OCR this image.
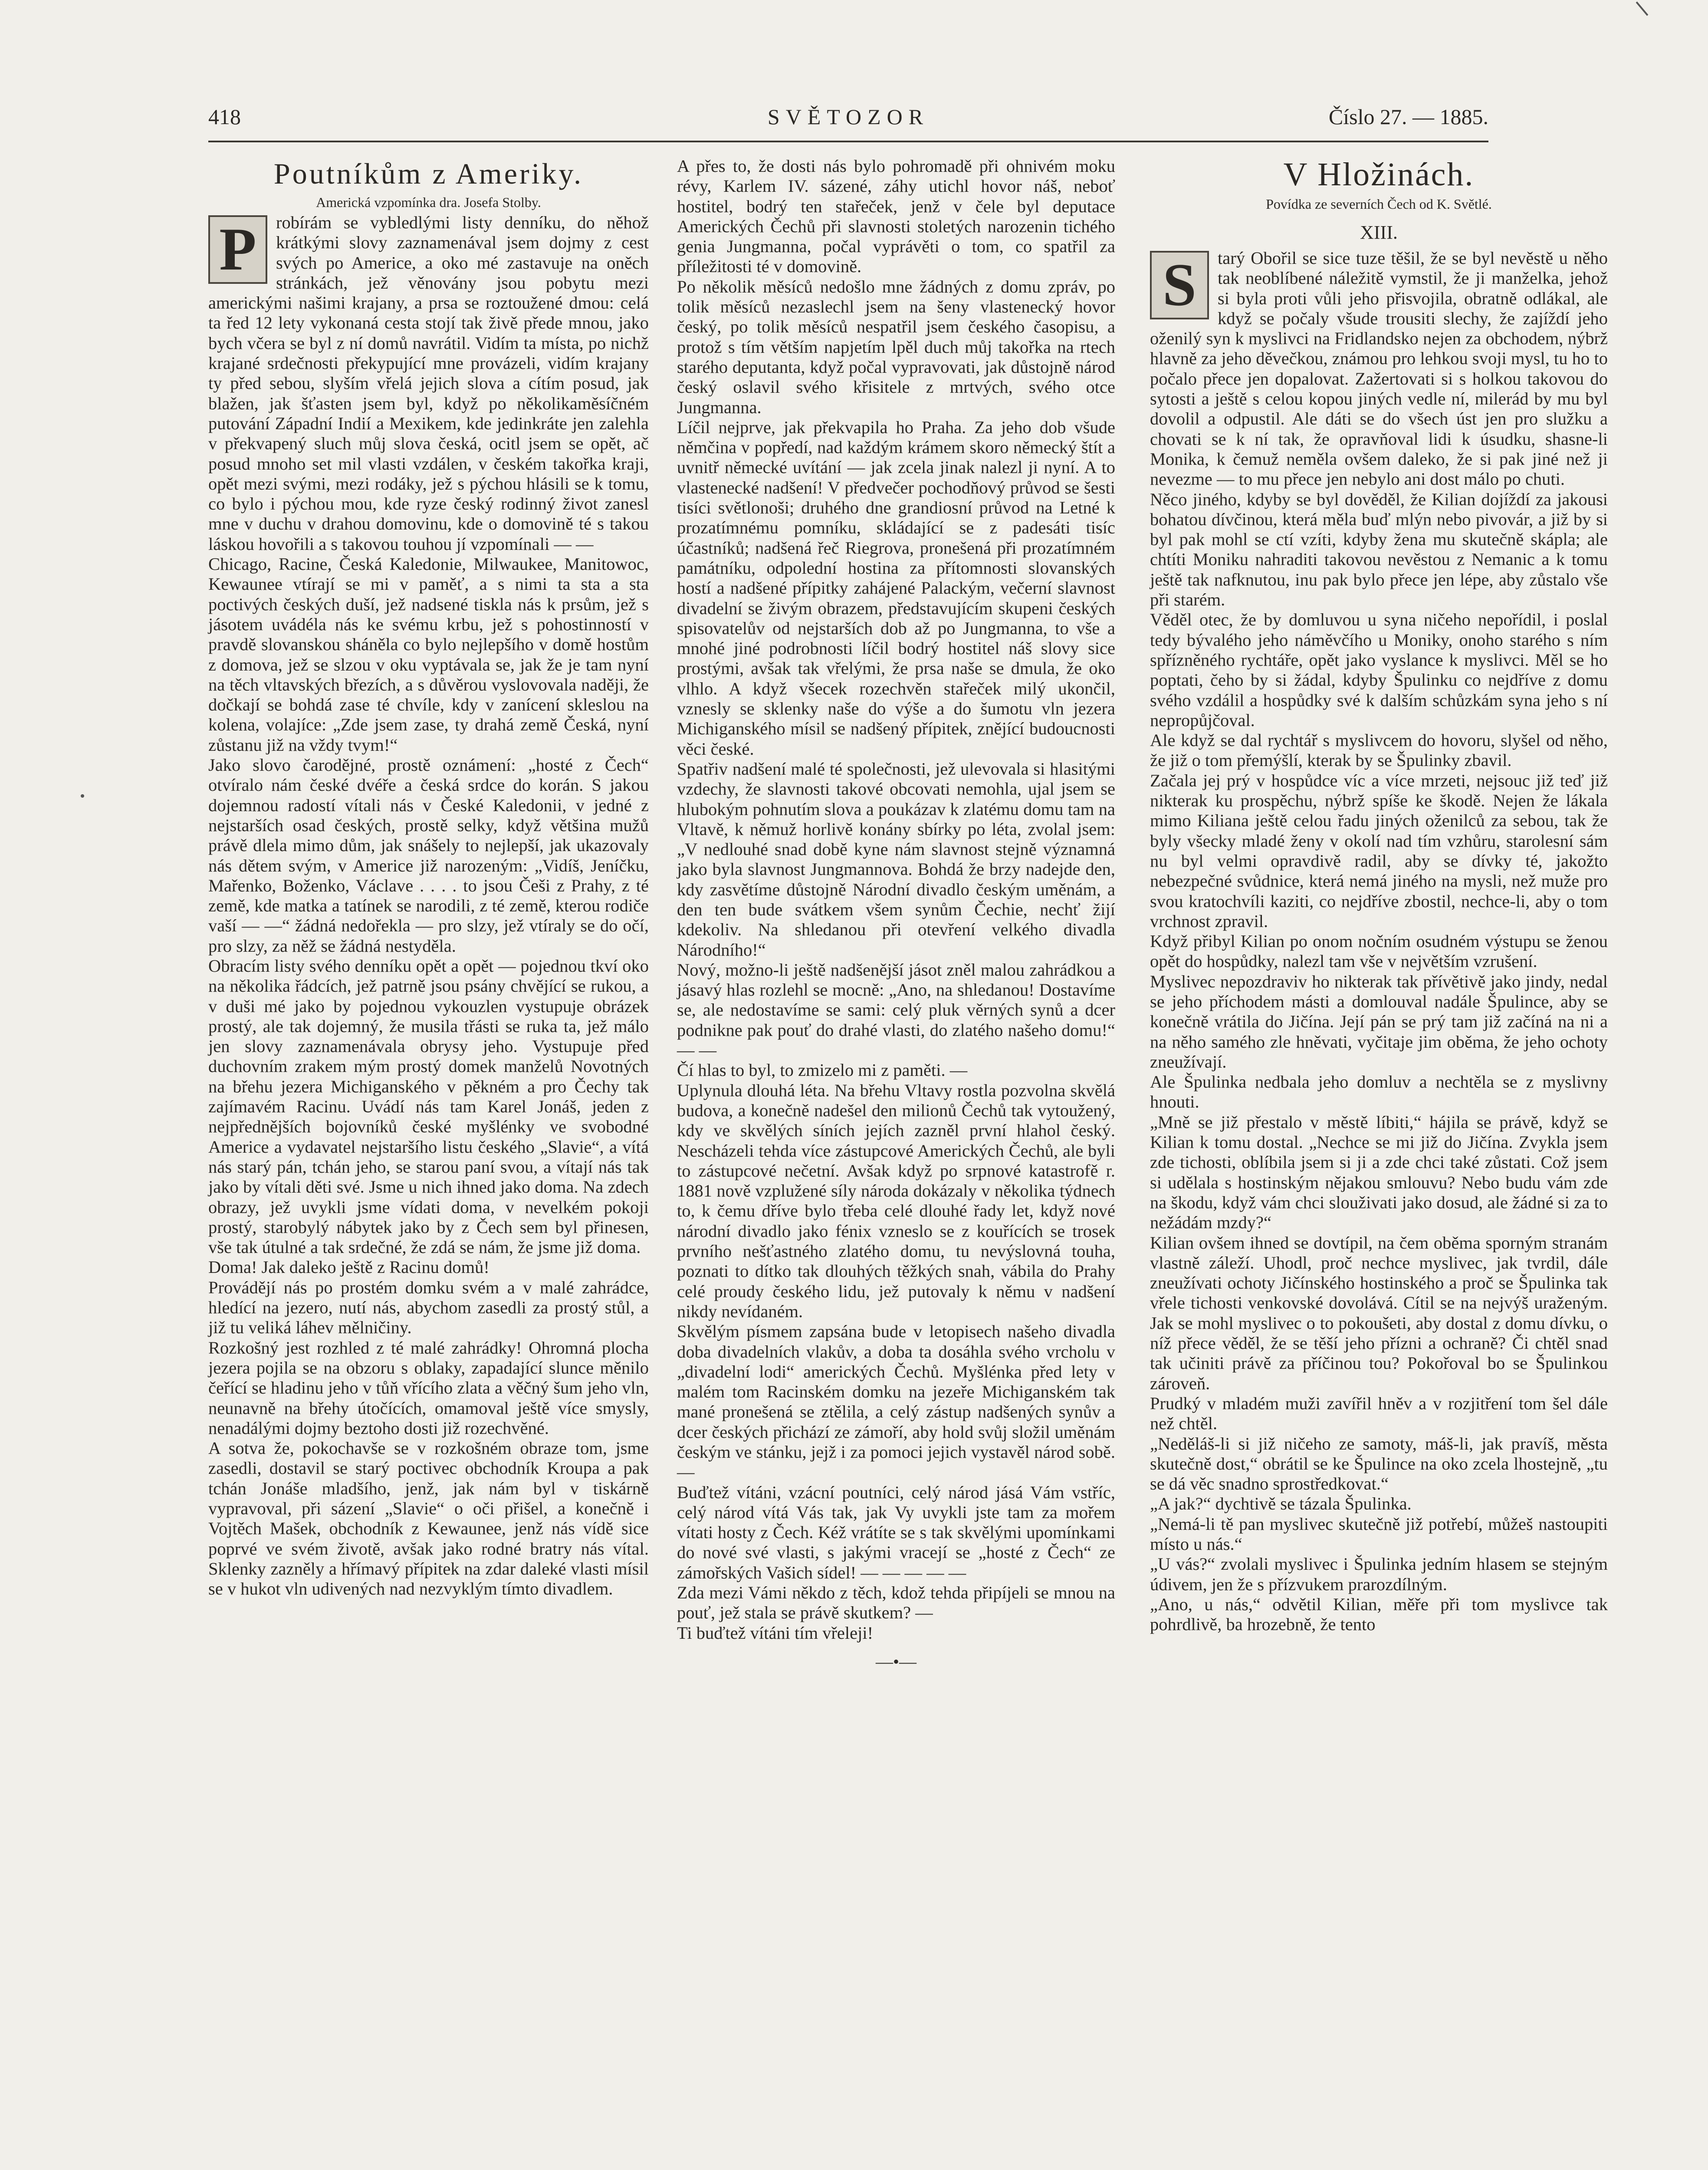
418	SVĚTOZOR	Číslo 27. — 1885.
Poutníkům z Ameriky.
Americká vzpomínka dra. Josefa Stolby.

P	robírám se vybledlými listy denníku, do něhož krátkými slovy zaznamenával jsem dojmy z cest svých po Americe, a oko mé zastavuje na oněch stránkách, jež věnovány jsou pobytu mezi americkými našimi krajany, a prsa se roztoužené dmou: celá ta řed 12 lety vykonaná cesta stojí tak živě přede mnou, jako bych včera se byl z ní domů navrátil. Vidím ta místa, po nichž krajané srdečnosti překypující mne provázeli, vidím krajany ty před sebou, slyším vřelá jejich slova a cítím posud, jak blažen, jak šťasten jsem byl, když po několikaměsíčném putování Západní Indií a Mexikem, kde jedinkráte jen zalehla v překvapený sluch můj slova česká, ocitl jsem se opět, ač posud mnoho set mil vlasti vzdálen, v českém takořka kraji, opět mezi svými, mezi rodáky, jež s pýchou hlásili se k tomu, co bylo i pýchou mou, kde ryze český rodinný život zanesl mne v duchu v drahou domovinu, kde o domovině té s takou láskou hovořili a s takovou touhou jí vzpomínali — —

Chicago, Racine, Česká Kaledonie, Milwaukee, Manitowoc, Kewaunee vtírají se mi v paměť, a s nimi ta sta a sta poctivých českých duší, jež nadsené tiskla nás k prsům, jež s jásotem uvádéla nás ke svému krbu, jež s pohostinností v pravdě slovanskou sháněla co bylo nejlepšího v domě hostům z domova, jež se slzou v oku vyptávala se, jak že je tam nyní na těch vltavských březích, a s důvěrou vyslovovala naději, že dočkají se bohdá zase té chvíle, kdy v zanícení skleslou na kolena, volajíce: „Zde jsem zase, ty drahá země Česká, nyní zůstanu již na vždy tvym!“

Jako slovo čarodějné, prostě oznámení: „hosté z Čech“ otvíralo nám české dvéře a česká srdce do korán. S jakou dojemnou radostí vítali nás v České Kaledonii, v jedné z nejstarších osad českých, prostě selky, když většina mužů právě dlela mimo dům, jak snášely to nejlepší, jak ukazovaly nás dětem svým, v Americe již narozeným: „Vidíš, Jeníčku, Mařenko, Boženko, Václave . . . . to jsou Češi z Prahy, z té země, kde matka a tatínek se narodili, z té země, kterou rodiče vaší — —“ žádná nedořekla — pro slzy, jež vtíraly se do očí, pro slzy, za něž se žádná nestyděla.

Obracím listy svého denníku opět a opět — pojednou tkví oko na několika řádcích, jež patrně jsou psány chvějící se rukou, a v duši mé jako by pojednou vykouzlen vystupuje obrázek prostý, ale tak dojemný, že musila třásti se ruka ta, jež málo jen slovy zaznamenávala obrysy jeho. Vystupuje před duchovním zrakem mým prostý domek manželů Novotných na břehu jezera Michiganského v pěkném a pro Čechy tak zajímavém Racinu. Uvádí nás tam Karel Jonáš, jeden z nejpřednějších bojovníků české myšlénky ve svobodné Americe a vydavatel nejstaršího listu českého „Slavie“, a vítá nás starý pán, tchán jeho, se starou paní svou, a vítají nás tak jako by vítali děti své. Jsme u nich ihned jako doma. Na zdech obrazy, jež uvykli jsme vídati doma, v nevelkém pokoji prostý, starobylý nábytek jako by z Čech sem byl přinesen, vše tak útulné a tak srdečné, že zdá se nám, že jsme již doma.

Doma! Jak daleko ještě z Racinu domů!

Provádějí nás po prostém domku svém a v malé zahrádce, hledící na jezero, nutí nás, abychom zasedli za prostý stůl, a již tu veliká láhev mělničiny.

Rozkošný jest rozhled z té malé zahrádky! Ohromná plocha jezera pojila se na obzoru s oblaky, zapadající slunce měnilo čeřící se hladinu jeho v tůň vřícího zlata a věčný šum jeho vln, neunavně na břehy útočících, omamoval ještě více smysly, nenadálými dojmy beztoho dosti již rozechvěné.

A sotva že, pokochavše se v rozkošném obraze tom, jsme zasedli, dostavil se starý poctivec obchodník Kroupa a pak tchán Jonáše mladšího, jenž, jak nám byl v tiskárně vypravoval, při sázení „Slavie“ o oči přišel, a konečně i Vojtěch Mašek, obchodník z Kewaunee, jenž nás vídě sice poprvé ve svém životě, avšak jako rodné bratry nás vítal. Sklenky zazněly a hřímavý přípitek na zdar daleké vlasti mísil se v hukot vln udivených nad nezvyklým tímto divadlem.

A přes to, že dosti nás bylo pohromadě při ohnivém moku révy, Karlem IV. sázené, záhy utichl hovor náš, neboť hostitel, bodrý ten stařeček, jenž v čele byl deputace Amerických Čechů při slavnosti stoletých narozenin tichého genia Jungmanna, počal vyprávěti o tom, co spatřil za příležitosti té v domovině.

Po několik měsíců nedošlo mne žádných z domu zpráv, po tolik měsíců nezaslechl jsem na šeny vlastenecký hovor český, po tolik měsíců nespatřil jsem českého časopisu, a protož s tím větším napjetím lpěl duch můj takořka na rtech starého deputanta, když počal vypravovati, jak důstojně národ český oslavil svého křisitele z mrtvých, svého otce Jungmanna.

Líčil nejprve, jak překvapila ho Praha. Za jeho dob všude němčina v popředí, nad každým krámem skoro německý štít a uvnitř německé uvítání — jak zcela jinak nalezl ji nyní. A to vlastenecké nadšení! V předvečer pochodňový průvod se šesti tisíci světlonoši; druhého dne grandiosní průvod na Letné k prozatímnému pomníku, skládající se z padesáti tisíc účastníků; nadšená řeč Riegrova, pronešená při prozatímném památníku, odpolední hostina za přítomnosti slovanských hostí a nadšené přípitky zahájené Palackým, večerní slavnost divadelní se živým obrazem, představujícím skupeni českých spisovatelův od nejstarších dob až po Jungmanna, to vše a mnohé jiné podrobnosti líčil bodrý hostitel náš slovy sice prostými, avšak tak vřelými, že prsa naše se dmula, že oko vlhlo. A když všecek rozechvěn stařeček milý ukončil, vznesly se sklenky naše do výše a do šumotu vln jezera Michiganského mísil se nadšený přípitek, znějící budoucnosti věci české.

Spatřiv nadšení malé té společnosti, jež ulevovala si hlasitými vzdechy, že slavnosti takové obcovati nemohla, ujal jsem se hlubokým pohnutím slova a poukázav k zlatému domu tam na Vltavě, k němuž horlivě konány sbírky po léta, zvolal jsem: „V nedlouhé snad době kyne nám slavnost stejně významná jako byla slavnost Jungmannova. Bohdá že brzy nadejde den, kdy zasvětíme důstojně Národní divadlo českým uměnám, a den ten bude svátkem všem synům Čechie, nechť žijí kdekoliv. Na shledanou při otevření velkého divadla Národního!“

Nový, možno-li ještě nadšenější jásot zněl malou zahrádkou a jásavý hlas rozlehl se mocně: „Ano, na shledanou! Dostavíme se, ale nedostavíme se sami: celý pluk věrných synů a dcer podnikne pak pouť do drahé vlasti, do zlatého našeho domu!“ — —

Čí hlas to byl, to zmizelo mi z paměti. —

Uplynula dlouhá léta. Na břehu Vltavy rostla pozvolna skvělá budova, a konečně nadešel den milionů Čechů tak vytoužený, kdy ve skvělých síních jejích zazněl první hlahol český. Nescházeli tehda více zástupcové Amerických Čechů, ale byli to zástupcové nečetní. Avšak když po srpnové katastrofě r. 1881 nově vzplužené síly národa dokázaly v několika týdnech to, k čemu dříve bylo třeba celé dlouhé řady let, když nové národní divadlo jako fénix vzneslo se z kouřících se trosek prvního nešťastného zlatého domu, tu nevýslovná touha, poznati to dítko tak dlouhých těžkých snah, vábila do Prahy celé proudy českého lidu, jež putovaly k němu v nadšení nikdy nevídaném.

Skvělým písmem zapsána bude v letopisech našeho divadla doba divadelních vlakův, a doba ta dosáhla svého vrcholu v „divadelní lodi“ amerických Čechů. Myšlénka před lety v malém tom Racinském domku na jezeře Michiganském tak mané pronešená se ztělila, a celý zástup nadšených synův a dcer českých přichází ze zámoří, aby hold svůj složil uměnám českým ve stánku, jejž i za pomoci jejich vystavěl národ sobě. —

Buďtež vítáni, vzácní poutníci, celý národ jásá Vám vstříc, celý národ vítá Vás tak, jak Vy uvykli jste tam za mořem vítati hosty z Čech. Kéž vrátíte se s tak skvělými upomínkami do nové své vlasti, s jakými vracejí se „hosté z Čech“ ze zámořských Vašich sídel! — — — — —

Zda mezi Vámi někdo z těch, kdož tehda připíjeli se mnou na pouť, jež stala se právě skutkem? —

Ti buďtež vítáni tím vřeleji!

—•—
V Hložinách.
Povídka ze severních Čech od K. Světlé.
XIII.

S	tarý Obořil se sice tuze těšil, že se byl nevěstě u něho tak neoblíbené náležitě vymstil, že ji manželka, jehož si byla proti vůli jeho přisvojila, obratně odlákal, ale když se počaly všude trousiti slechy, že zajíždí jeho oženilý syn k myslivci na Fridlandsko nejen za obchodem, nýbrž hlavně za jeho děvečkou, známou pro lehkou svoji mysl, tu ho to počalo přece jen dopalovat. Zažertovati si s holkou takovou do sytosti a ještě s celou kopou jiných vedle ní, milerád by mu byl dovolil a odpustil. Ale dáti se do všech úst jen pro služku a chovati se k ní tak, že opravňoval lidi k úsudku, shasne-li Monika, k čemuž neměla ovšem daleko, že si pak jiné než ji nevezme — to mu přece jen nebylo ani dost málo po chuti.

Něco jiného, kdyby se byl dověděl, že Kilian dojíždí za jakousi bohatou dívčinou, která měla buď mlýn nebo pivovár, a již by si byl pak mohl se ctí vzíti, kdyby žena mu skutečně skápla; ale chtíti Moniku nahraditi takovou nevěstou z Nemanic a k tomu ještě tak nafknutou, inu pak bylo přece jen lépe, aby zůstalo vše při starém.

Věděl otec, že by domluvou u syna ničeho nepořídil, i poslal tedy bývalého jeho náměvčího u Moniky, onoho starého s ním spřízněného rychtáře, opět jako vyslance k myslivci. Měl se ho poptati, čeho by si žádal, kdyby Špulinku co nejdříve z domu svého vzdálil a hospůdky své k dalším schůzkám syna jeho s ní nepropůjčoval.

Ale když se dal rychtář s myslivcem do hovoru, slyšel od něho, že již o tom přemýšlí, kterak by se Špulinky zbavil.

Začala jej prý v hospůdce víc a více mrzeti, nejsouc již teď již nikterak ku prospěchu, nýbrž spíše ke škodě. Nejen že lákala mimo Kiliana ještě celou řadu jiných oženilců za sebou, tak že byly všecky mladé ženy v okolí nad tím vzhůru, starolesní sám nu byl velmi opravdivě radil, aby se dívky té, jakožto nebezpečné svůdnice, která nemá jiného na mysli, než muže pro svou kratochvíli kaziti, co nejdříve zbostil, nechce-li, aby o tom vrchnost zpravil.

Když přibyl Kilian po onom nočním osudném výstupu se ženou opět do hospůdky, nalezl tam vše v největším vzrušení.

Myslivec nepozdraviv ho nikterak tak přívětivě jako jindy, nedal se jeho příchodem másti a domlouval nadále Špulince, aby se konečně vrátila do Jičína. Její pán se prý tam již začíná na ni a na něho samého zle hněvati, vyčitaje jim oběma, že jeho ochoty zneužívají.

Ale Špulinka nedbala jeho domluv a nechtěla se z myslivny hnouti.

„Mně se již přestalo v městě líbiti,“ hájila se právě, když se Kilian k tomu dostal. „Nechce se mi již do Jičína. Zvykla jsem zde tichosti, oblíbila jsem si ji a zde chci také zůstati. Což jsem si udělala s hostinským nějakou smlouvu? Nebo budu vám zde na škodu, když vám chci slouživati jako dosud, ale žádné si za to nežádám mzdy?“

Kilian ovšem ihned se dovtípil, na čem oběma sporným stranám vlastně záleží. Uhodl, proč nechce myslivec, jak tvrdil, dále zneužívati ochoty Jičínského hostinského a proč se Špulinka tak vřele tichosti venkovské dovolává. Cítil se na nejvýš uraženým. Jak se mohl myslivec o to pokoušeti, aby dostal z domu dívku, o níž přece věděl, že se těší jeho přízni a ochraně? Či chtěl snad tak učiniti právě za příčinou tou? Pokořoval bo se Špulinkou zároveň.

Prudký v mladém muži zavířil hněv a v rozjitření tom šel dále než chtěl.

„Neděláš-li si již ničeho ze samoty, máš-li, jak pravíš, města skutečně dost,“ obrátil se ke Špulince na oko zcela lhostejně, „tu se dá věc snadno sprostředkovat.“

„A jak?“ dychtivě se tázala Špulinka.

„Nemá-li tě pan myslivec skutečně již potřebí, můžeš nastoupiti místo u nás.“

„U vás?“ zvolali myslivec i Špulinka jedním hlasem se stejným údivem, jen že s přízvukem prarozdílným.

„Ano, u nás,“ odvětil Kilian, měře při tom myslivce tak pohrdlivě, ba hrozebně, že tento
